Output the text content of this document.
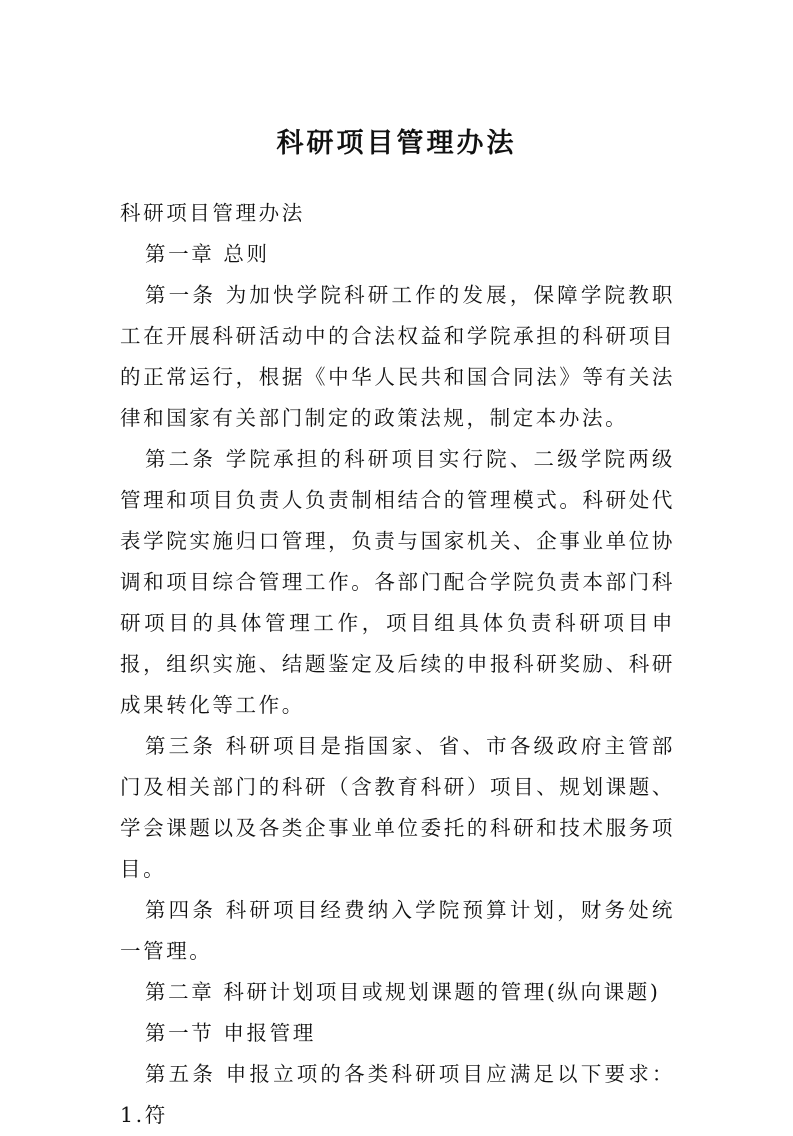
科研项目管理办法

科研项目管理办法

第一章 总则

第一条 为加快学院科研工作的发展，保障学院教职工在开展科研活动中的合法权益和学院承担的科研项目的正常运行，根据《中华人民共和国合同法》等有关法律和国家有关部门制定的政策法规，制定本办法。

第二条 学院承担的科研项目实行院、二级学院两级管理和项目负责人负责制相结合的管理模式。科研处代表学院实施归口管理，负责与国家机关、企事业单位协调和项目综合管理工作。各部门配合学院负责本部门科研项目的具体管理工作，项目组具体负责科研项目申报，组织实施、结题鉴定及后续的申报科研奖励、科研成果转化等工作。

第三条 科研项目是指国家、省、市各级政府主管部门及相关部门的科研（含教育科研）项目、规划课题、学会课题以及各类企事业单位委托的科研和技术服务项目。

第四条 科研项目经费纳入学院预算计划，财务处统一管理。

第二章 科研计划项目或规划课题的管理(纵向课题)

第一节 申报管理

第五条 申报立项的各类科研项目应满足以下要求： 1.符
